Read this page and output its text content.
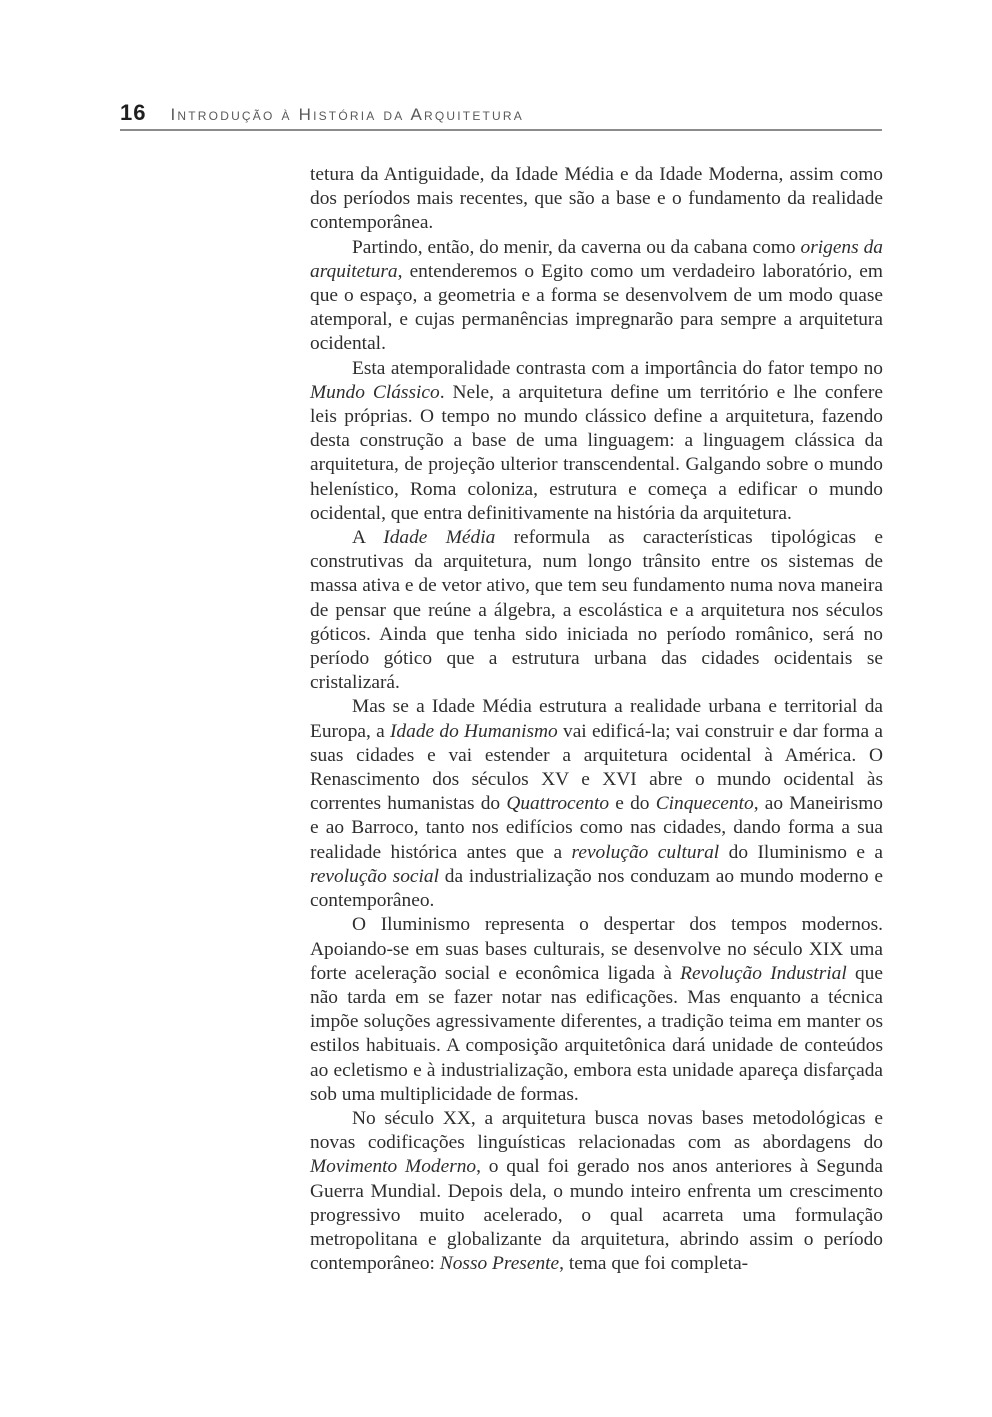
16 Introdução à História da Arquitetura

tetura da Antiguidade, da Idade Média e da Idade Moderna, assim como dos períodos mais recentes, que são a base e o fundamento da realidade contemporânea.

Partindo, então, do menir, da caverna ou da cabana como origens da arquitetura, entenderemos o Egito como um verdadeiro laboratório, em que o espaço, a geometria e a forma se desenvolvem de um modo quase atemporal, e cujas permanências impregnarão para sempre a arquitetura ocidental.

Esta atemporalidade contrasta com a importância do fator tempo no Mundo Clássico. Nele, a arquitetura define um território e lhe confere leis próprias. O tempo no mundo clássico define a arquitetura, fazendo desta construção a base de uma linguagem: a linguagem clássica da arquitetura, de projeção ulterior transcendental. Galgando sobre o mundo helenístico, Roma coloniza, estrutura e começa a edificar o mundo ocidental, que entra definitivamente na história da arquitetura.

A Idade Média reformula as características tipológicas e construtivas da arquitetura, num longo trânsito entre os sistemas de massa ativa e de vetor ativo, que tem seu fundamento numa nova maneira de pensar que reúne a álgebra, a escolástica e a arquitetura nos séculos góticos. Ainda que tenha sido iniciada no período românico, será no período gótico que a estrutura urbana das cidades ocidentais se cristalizará.

Mas se a Idade Média estrutura a realidade urbana e territorial da Europa, a Idade do Humanismo vai edificá-la; vai construir e dar forma a suas cidades e vai estender a arquitetura ocidental à América. O Renascimento dos séculos XV e XVI abre o mundo ocidental às correntes humanistas do Quattrocento e do Cinquecento, ao Maneirismo e ao Barroco, tanto nos edifícios como nas cidades, dando forma a sua realidade histórica antes que a revolução cultural do Iluminismo e a revolução social da industrialização nos conduzam ao mundo moderno e contemporâneo.

O Iluminismo representa o despertar dos tempos modernos. Apoiando-se em suas bases culturais, se desenvolve no século XIX uma forte aceleração social e econômica ligada à Revolução Industrial que não tarda em se fazer notar nas edificações. Mas enquanto a técnica impõe soluções agressivamente diferentes, a tradição teima em manter os estilos habituais. A composição arquitetônica dará unidade de conteúdos ao ecletismo e à industrialização, embora esta unidade apareça disfarçada sob uma multiplicidade de formas.

No século XX, a arquitetura busca novas bases metodológicas e novas codificações linguísticas relacionadas com as abordagens do Movimento Moderno, o qual foi gerado nos anos anteriores à Segunda Guerra Mundial. Depois dela, o mundo inteiro enfrenta um crescimento progressivo muito acelerado, o qual acarreta uma formulação metropolitana e globalizante da arquitetura, abrindo assim o período contemporâneo: Nosso Presente, tema que foi completa-
